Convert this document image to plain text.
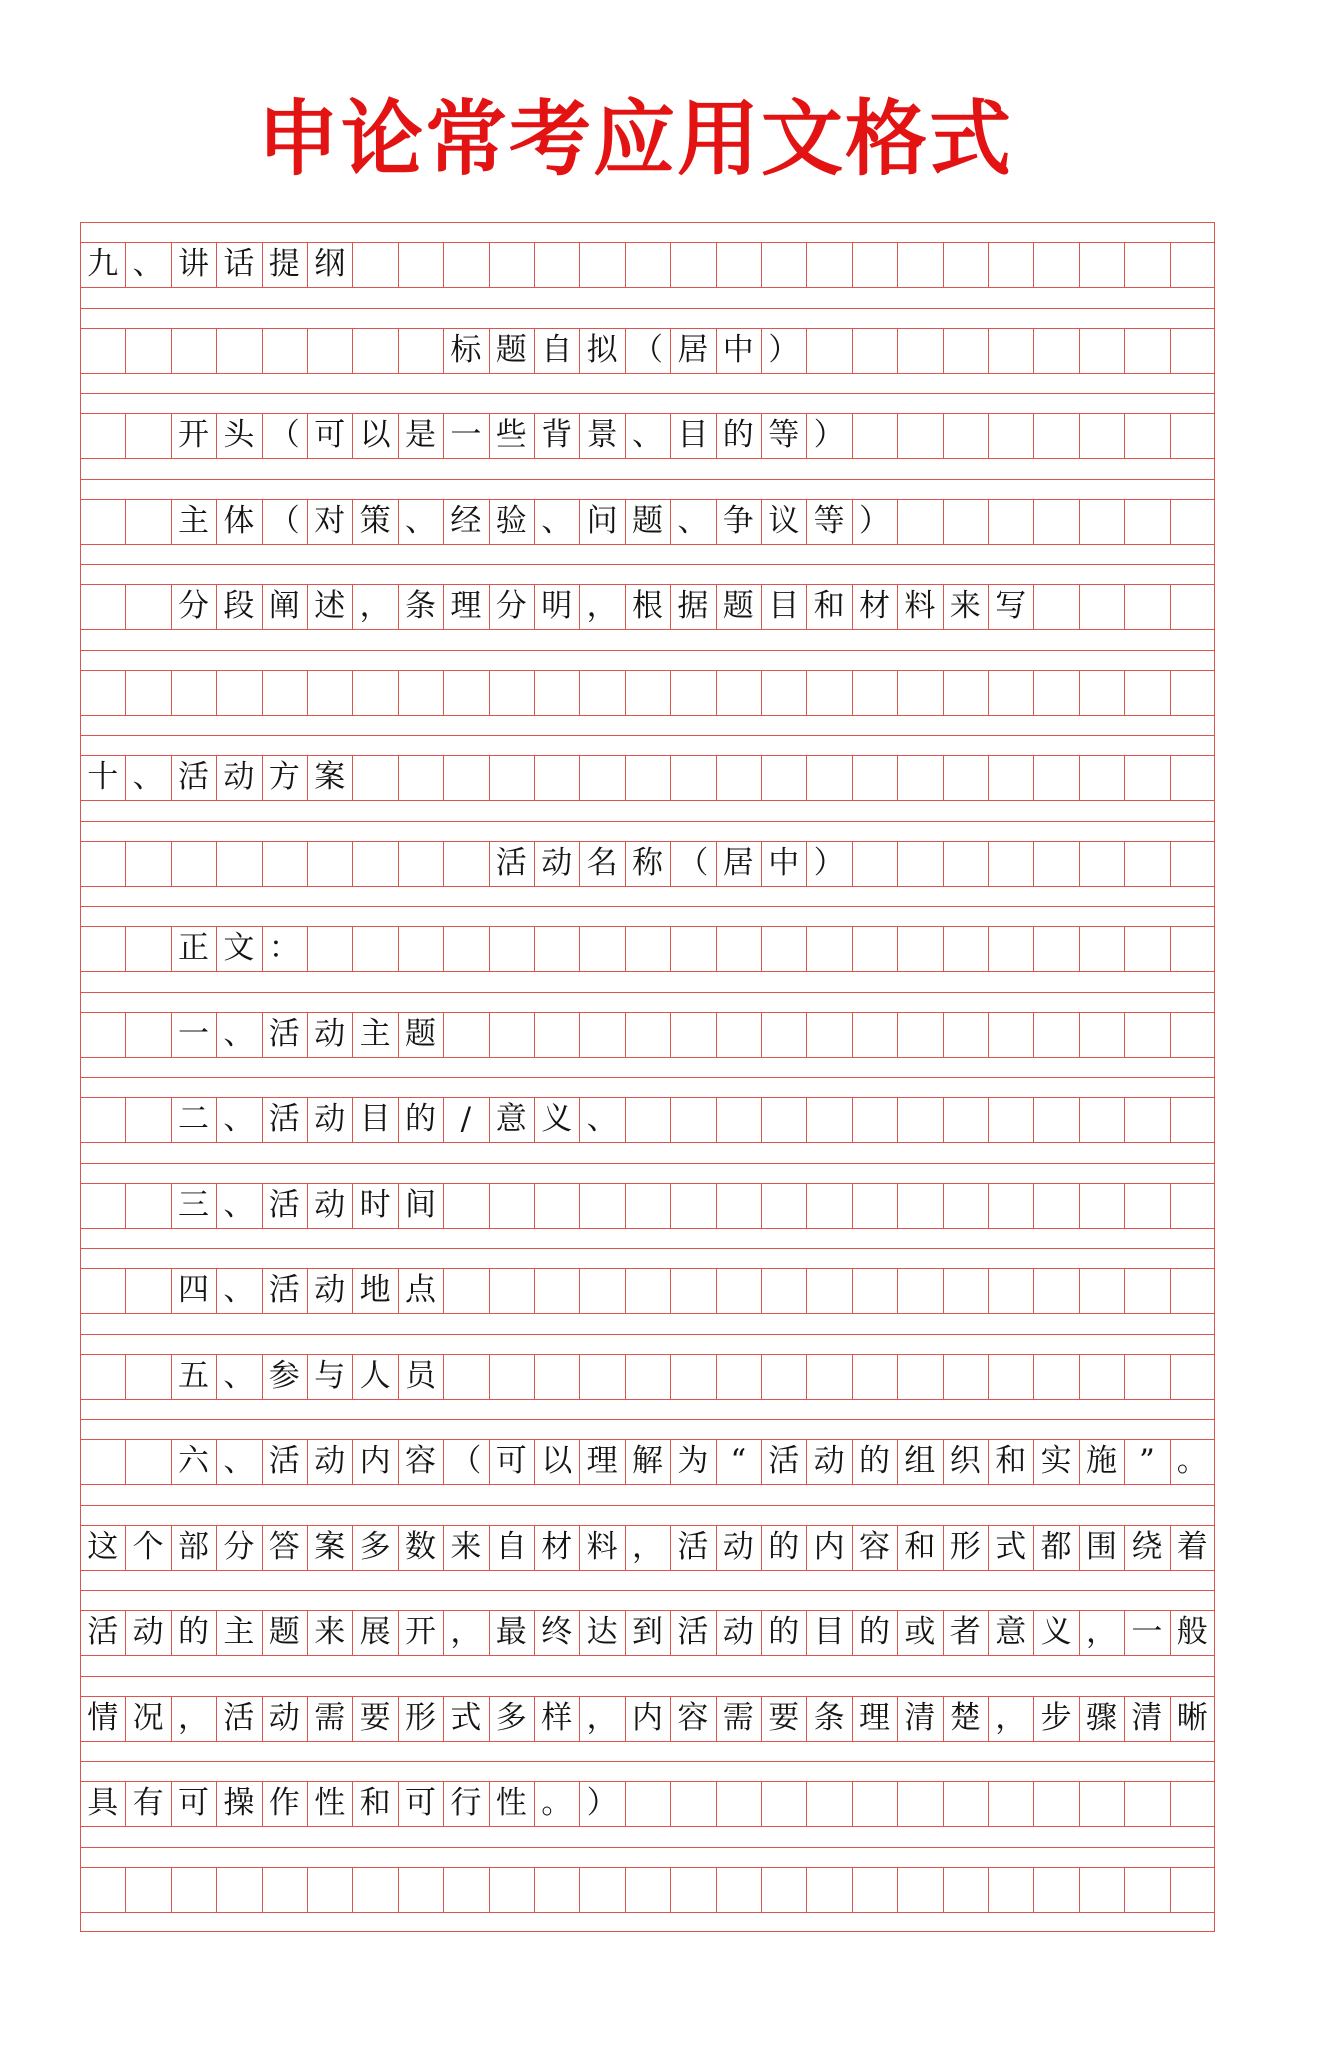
申论常考应用文格式
九 、 讲 话 提 纲
标 题 自 拟 （ 居 中 ）
开 头 （ 可 以 是 一 些 背 景 、 目 的 等 ）
主 体 （ 对 策 、 经 验 、 问 题 、 争 议 等 ）
分 段 阐 述 ， 条 理 分 明 ， 根 据 题 目 和 材 料 来 写
十 、 活 动 方 案
活 动 名 称 （ 居 中 ）
正 文 ：
一 、 活 动 主 题
二 、 活 动 目 的 / 意 义 、
三 、 活 动 时 间
四 、 活 动 地 点
五 、 参 与 人 员
六 、 活 动 内 容 （ 可 以 理 解 为 “ 活 动 的 组 织 和 实 施 ” 。
这 个 部 分 答 案 多 数 来 自 材 料 ， 活 动 的 内 容 和 形 式 都 围 绕 着
活 动 的 主 题 来 展 开 ， 最 终 达 到 活 动 的 目 的 或 者 意 义 ， 一 般
情 况 ， 活 动 需 要 形 式 多 样 ， 内 容 需 要 条 理 清 楚 ， 步 骤 清 晰
具 有 可 操 作 性 和 可 行 性 。 ）
